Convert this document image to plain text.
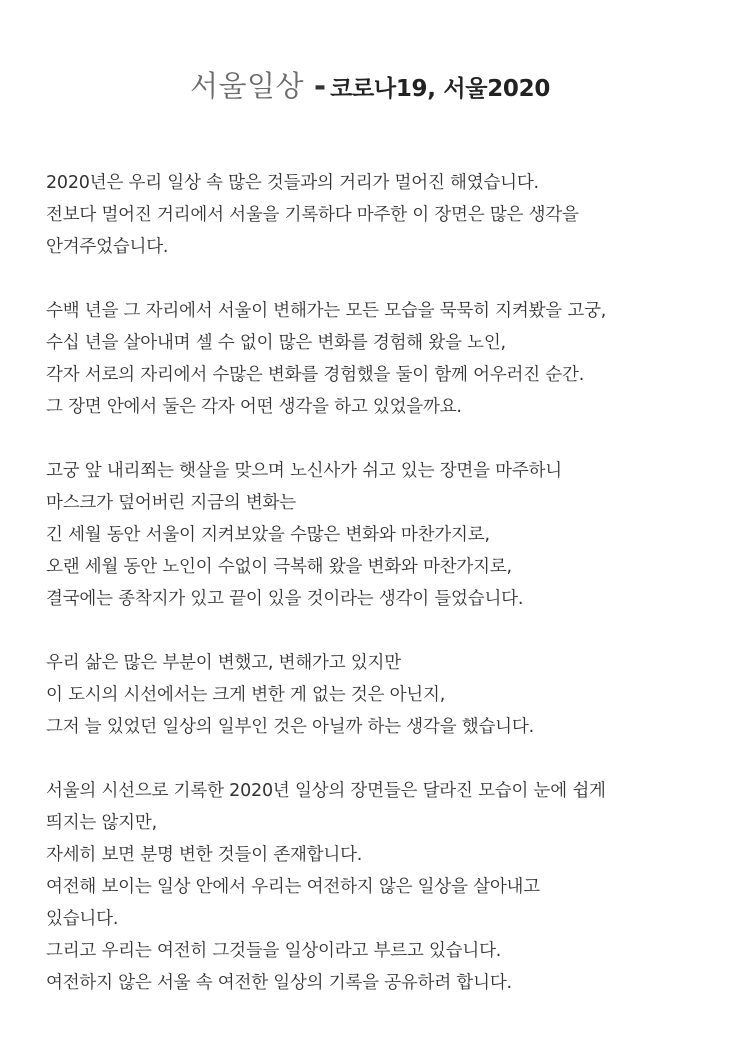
서울일상 - 코로나19, 서울2020
2020년은 우리 일상 속 많은 것들과의 거리가 멀어진 해였습니다.
전보다 멀어진 거리에서 서울을 기록하다 마주한 이 장면은 많은 생각을
안겨주었습니다.
수백 년을 그 자리에서 서울이 변해가는 모든 모습을 묵묵히 지켜봤을 고궁,
수십 년을 살아내며 셀 수 없이 많은 변화를 경험해 왔을 노인,
각자 서로의 자리에서 수많은 변화를 경험했을 둘이 함께 어우러진 순간.
그 장면 안에서 둘은 각자 어떤 생각을 하고 있었을까요.
고궁 앞 내리쬐는 햇살을 맞으며 노신사가 쉬고 있는 장면을 마주하니
마스크가 덮어버린 지금의 변화는
긴 세월 동안 서울이 지켜보았을 수많은 변화와 마찬가지로,
오랜 세월 동안 노인이 수없이 극복해 왔을 변화와 마찬가지로,
결국에는 종착지가 있고 끝이 있을 것이라는 생각이 들었습니다.
우리 삶은 많은 부분이 변했고, 변해가고 있지만
이 도시의 시선에서는 크게 변한 게 없는 것은 아닌지,
그저 늘 있었던 일상의 일부인 것은 아닐까 하는 생각을 했습니다.
서울의 시선으로 기록한 2020년 일상의 장면들은 달라진 모습이 눈에 쉽게
띄지는 않지만,
자세히 보면 분명 변한 것들이 존재합니다.
여전해 보이는 일상 안에서 우리는 여전하지 않은 일상을 살아내고
있습니다.
그리고 우리는 여전히 그것들을 일상이라고 부르고 있습니다.
여전하지 않은 서울 속 여전한 일상의 기록을 공유하려 합니다.
